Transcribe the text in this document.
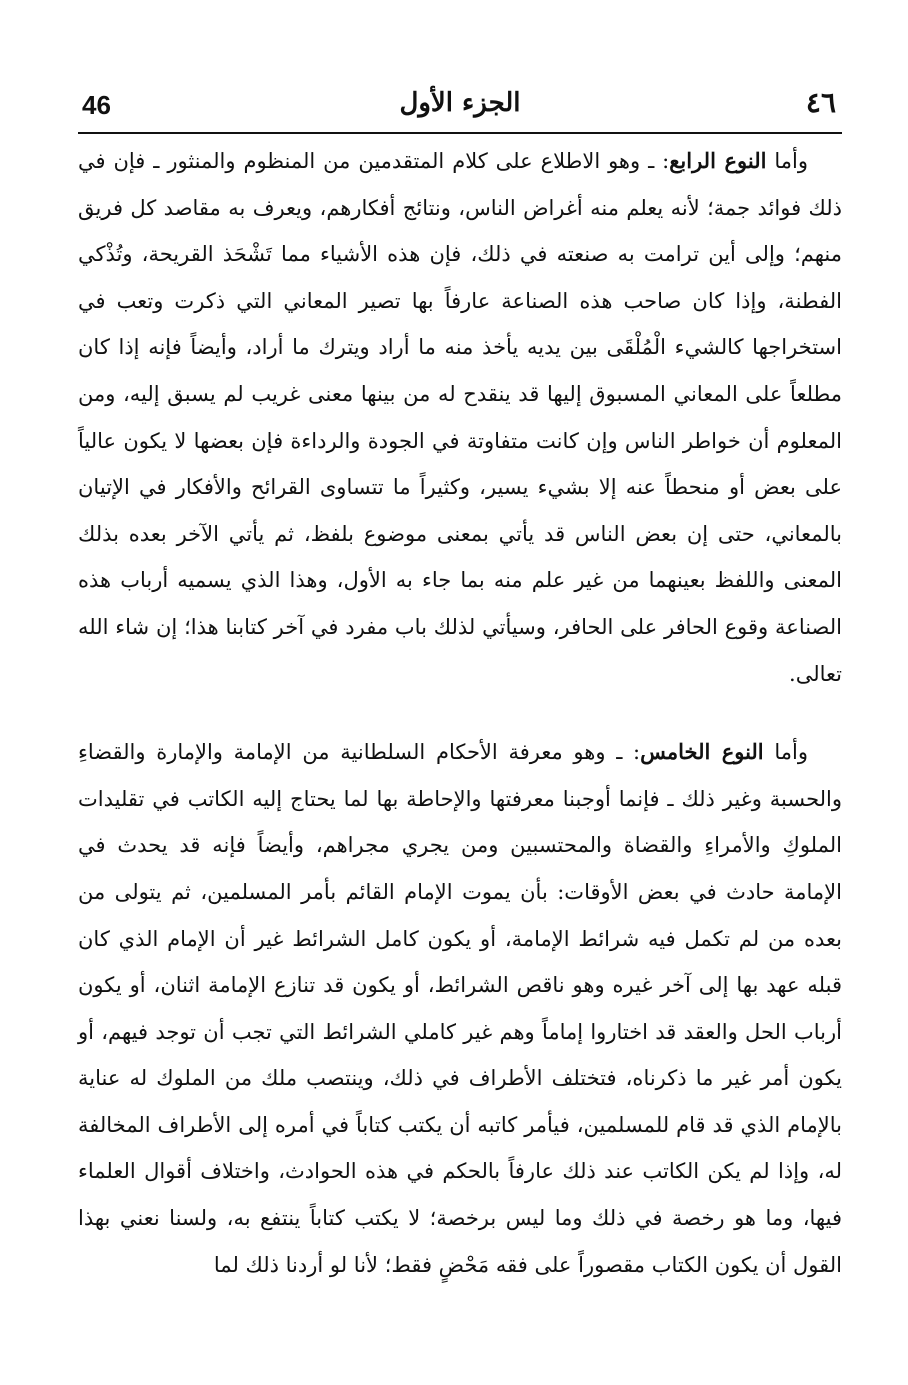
46	الجزء الأول	٤٦

وأما النوع الرابع: ـ وهو الاطلاع على كلام المتقدمين من المنظوم والمنثور ـ فإن في ذلك فوائد جمة؛ لأنه يعلم منه أغراض الناس، ونتائج أفكارهم، ويعرف به مقاصد كل فريق منهم؛ وإلى أين ترامت به صنعته في ذلك، فإن هذه الأشياء مما تَشْحَذ القريحة، وتُذْكي الفطنة، وإذا كان صاحب هذه الصناعة عارفاً بها تصير المعاني التي ذكرت وتعب في استخراجها كالشيء الْمُلْقَى بين يديه يأخذ منه ما أراد ويترك ما أراد، وأيضاً فإنه إذا كان مطلعاً على المعاني المسبوق إليها قد ينقدح له من بينها معنى غريب لم يسبق إليه، ومن المعلوم أن خواطر الناس وإن كانت متفاوتة في الجودة والرداءة فإن بعضها لا يكون عالياً على بعض أو منحطاً عنه إلا بشيء يسير، وكثيراً ما تتساوى القرائح والأفكار في الإتيان بالمعاني، حتى إن بعض الناس قد يأتي بمعنى موضوع بلفظ، ثم يأتي الآخر بعده بذلك المعنى واللفظ بعينهما من غير علم منه بما جاء به الأول، وهذا الذي يسميه أرباب هذه الصناعة وقوع الحافر على الحافر، وسيأتي لذلك باب مفرد في آخر كتابنا هذا؛ إن شاء الله تعالى.

وأما النوع الخامس: ـ وهو معرفة الأحكام السلطانية من الإمامة والإمارة والقضاءِ والحسبة وغير ذلك ـ فإنما أوجبنا معرفتها والإحاطة بها لما يحتاج إليه الكاتب في تقليدات الملوكِ والأمراءِ والقضاة والمحتسبين ومن يجري مجراهم، وأيضاً فإنه قد يحدث في الإمامة حادث في بعض الأوقات: بأن يموت الإمام القائم بأمر المسلمين، ثم يتولى من بعده من لم تكمل فيه شرائط الإمامة، أو يكون كامل الشرائط غير أن الإمام الذي كان قبله عهد بها إلى آخر غيره وهو ناقص الشرائط، أو يكون قد تنازع الإمامة اثنان، أو يكون أرباب الحل والعقد قد اختاروا إماماً وهم غير كاملي الشرائط التي تجب أن توجد فيهم، أو يكون أمر غير ما ذكرناه، فتختلف الأطراف في ذلك، وينتصب ملك من الملوك له عناية بالإمام الذي قد قام للمسلمين، فيأمر كاتبه أن يكتب كتاباً في أمره إلى الأطراف المخالفة له، وإذا لم يكن الكاتب عند ذلك عارفاً بالحكم في هذه الحوادث، واختلاف أقوال العلماء فيها، وما هو رخصة في ذلك وما ليس برخصة؛ لا يكتب كتاباً ينتفع به، ولسنا نعني بهذا القول أن يكون الكتاب مقصوراً على فقه مَحْضٍ فقط؛ لأنا لو أردنا ذلك لما
